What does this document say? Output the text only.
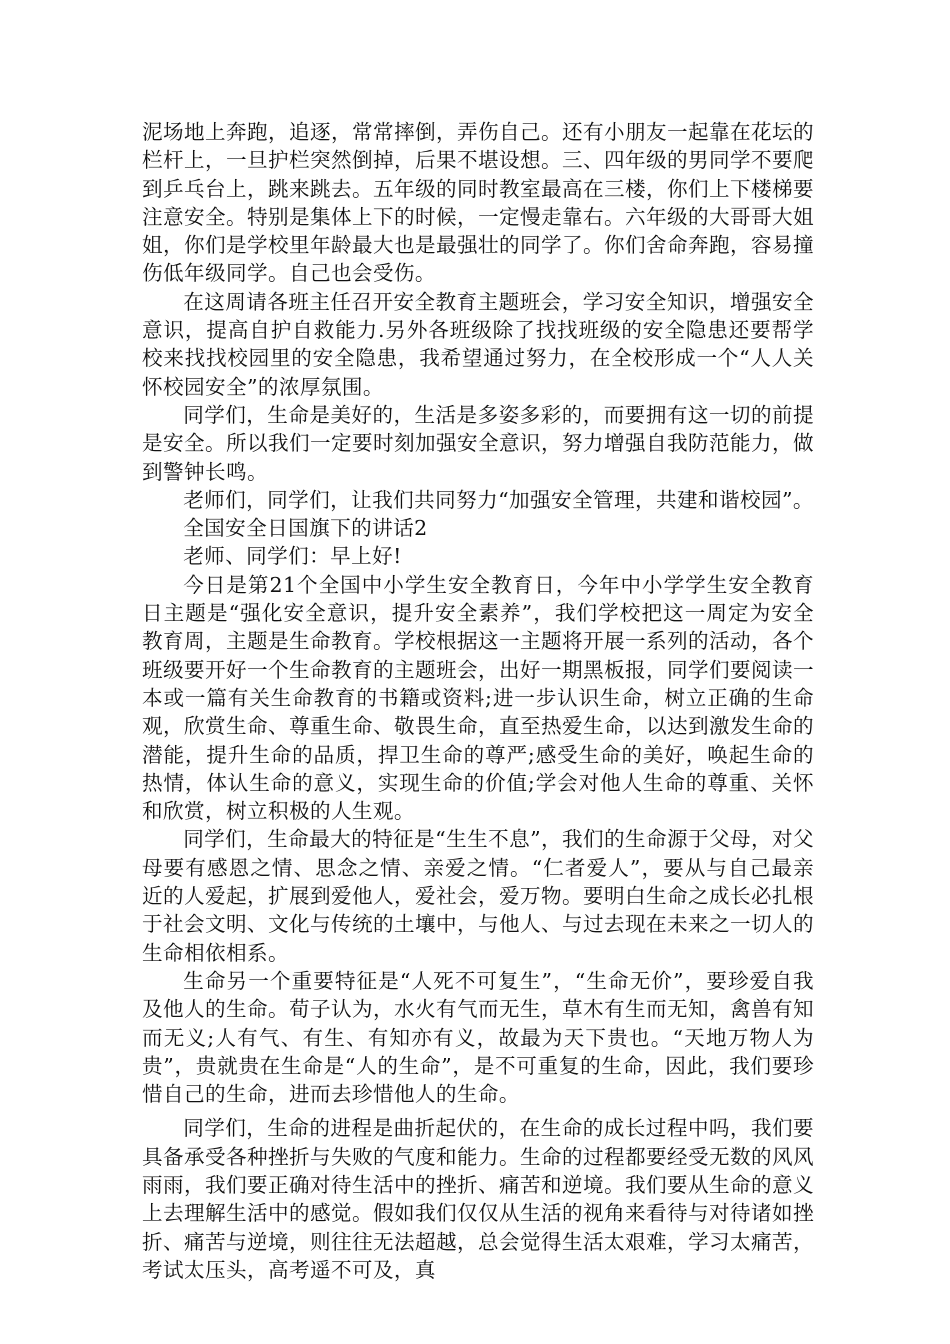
泥场地上奔跑，追逐，常常摔倒，弄伤自己。还有小朋友一起靠在花坛的栏杆上，一旦护栏突然倒掉，后果不堪设想。三、四年级的男同学不要爬到乒乓台上，跳来跳去。五年级的同时教室最高在三楼，你们上下楼梯要注意安全。特别是集体上下的时候，一定慢走靠右。六年级的大哥哥大姐姐，你们是学校里年龄最大也是最强壮的同学了。你们舍命奔跑，容易撞伤低年级同学。自己也会受伤。

在这周请各班主任召开安全教育主题班会，学习安全知识，增强安全意识，提高自护自救能力.另外各班级除了找找班级的安全隐患还要帮学校来找找校园里的安全隐患，我希望通过努力，在全校形成一个“人人关怀校园安全”的浓厚氛围。

同学们，生命是美好的，生活是多姿多彩的，而要拥有这一切的前提是安全。所以我们一定要时刻加强安全意识，努力增强自我防范能力，做到警钟长鸣。

老师们，同学们，让我们共同努力“加强安全管理，共建和谐校园”。

全国安全日国旗下的讲话2

老师、同学们：早上好!

今日是第21个全国中小学生安全教育日，今年中小学学生安全教育日主题是“强化安全意识，提升安全素养”，我们学校把这一周定为安全教育周，主题是生命教育。学校根据这一主题将开展一系列的活动，各个班级要开好一个生命教育的主题班会，出好一期黑板报，同学们要阅读一本或一篇有关生命教育的书籍或资料;进一步认识生命，树立正确的生命观，欣赏生命、尊重生命、敬畏生命，直至热爱生命，以达到激发生命的潜能，提升生命的品质，捍卫生命的尊严;感受生命的美好，唤起生命的热情，体认生命的意义，实现生命的价值;学会对他人生命的尊重、关怀和欣赏，树立积极的人生观。

同学们，生命最大的特征是“生生不息”，我们的生命源于父母，对父母要有感恩之情、思念之情、亲爱之情。“仁者爱人”，要从与自己最亲近的人爱起，扩展到爱他人，爱社会，爱万物。要明白生命之成长必扎根于社会文明、文化与传统的土壤中，与他人、与过去现在未来之一切人的生命相依相系。

生命另一个重要特征是“人死不可复生”，“生命无价”，要珍爱自我及他人的生命。荀子认为，水火有气而无生，草木有生而无知，禽兽有知而无义;人有气、有生、有知亦有义，故最为天下贵也。“天地万物人为贵”，贵就贵在生命是“人的生命”，是不可重复的生命，因此，我们要珍惜自己的生命，进而去珍惜他人的生命。

同学们，生命的进程是曲折起伏的，在生命的成长过程中吗，我们要具备承受各种挫折与失败的气度和能力。生命的过程都要经受无数的风风雨雨，我们要正确对待生活中的挫折、痛苦和逆境。我们要从生命的意义上去理解生活中的感觉。假如我们仅仅从生活的视角来看待与对待诸如挫折、痛苦与逆境，则往往无法超越，总会觉得生活太艰难，学习太痛苦，考试太压头，高考遥不可及，真
